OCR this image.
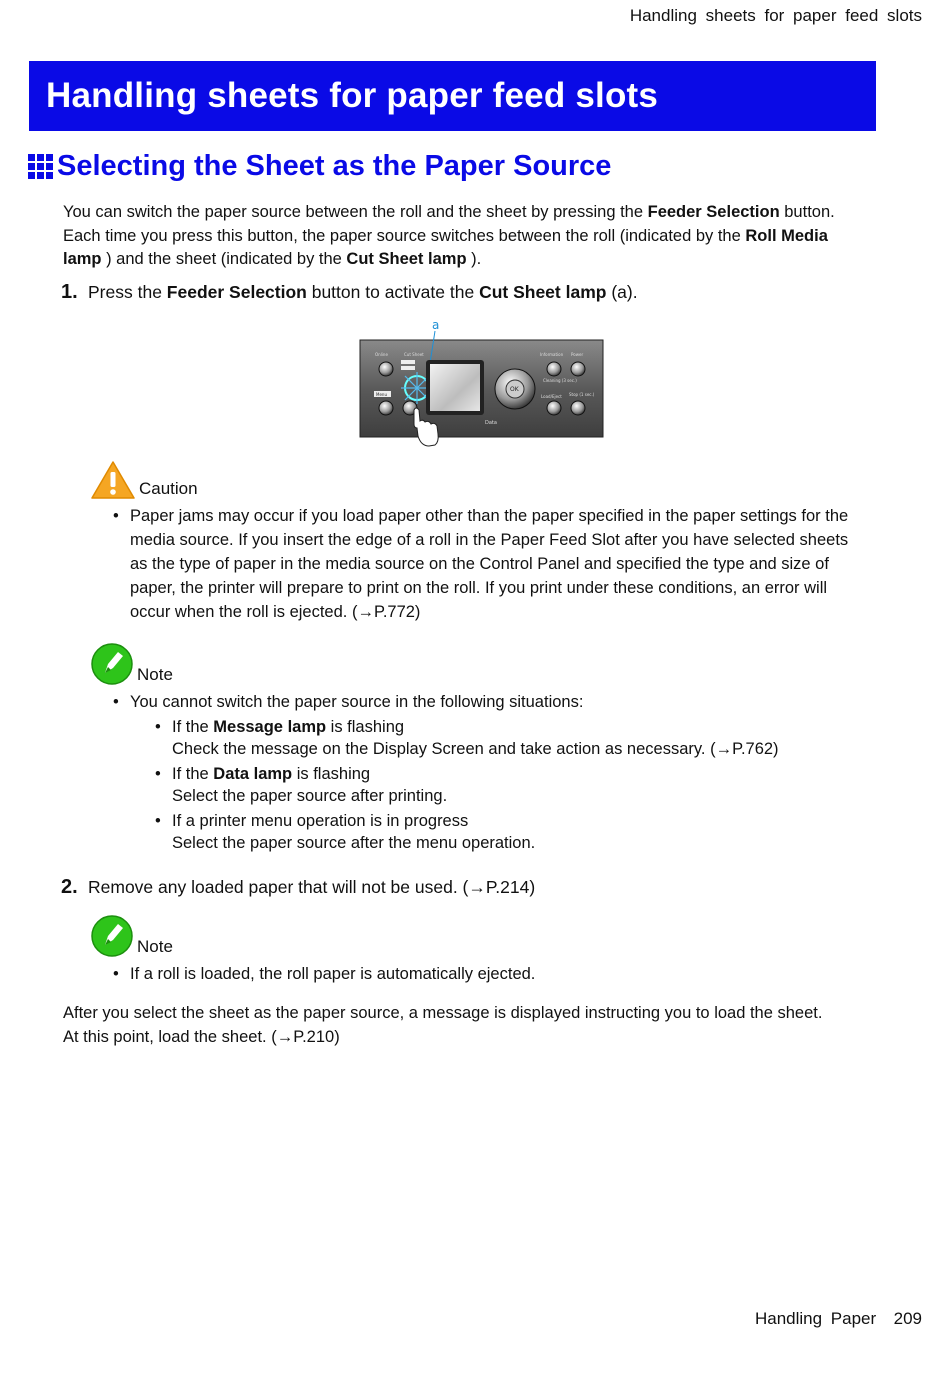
Handling sheets for paper feed slots
Handling sheets for paper feed slots
Selecting the Sheet as the Paper Source
You can switch the paper source between the roll and the sheet by pressing the Feeder Selection button. Each time you press this button, the paper source switches between the roll (indicated by the Roll Media lamp ) and the sheet (indicated by the Cut Sheet lamp ).
1. Press the Feeder Selection button to activate the Cut Sheet lamp (a).
a
Online	Cut Sheet
Menu
OK
Information Power
Cleaning (3 sec.)
Load/Eject Stop (1 sec.)
Data
Caution
• Paper jams may occur if you load paper other than the paper specified in the paper settings for the media source. If you insert the edge of a roll in the Paper Feed Slot after you have selected sheets as the type of paper in the media source on the Control Panel and specified the type and size of paper, the printer will prepare to print on the roll. If you print under these conditions, an error will occur when the roll is ejected. (→P.772)
Note
• You cannot switch the paper source in the following situations:
• If the Message lamp is flashing
Check the message on the Display Screen and take action as necessary. (→P.762)
• If the Data lamp is flashing
Select the paper source after printing.
• If a printer menu operation is in progress
Select the paper source after the menu operation.
2. Remove any loaded paper that will not be used. (→P.214)
Note
• If a roll is loaded, the roll paper is automatically ejected.
After you select the sheet as the paper source, a message is displayed instructing you to load the sheet.
At this point, load the sheet. (→P.210)
Handling Paper 209
